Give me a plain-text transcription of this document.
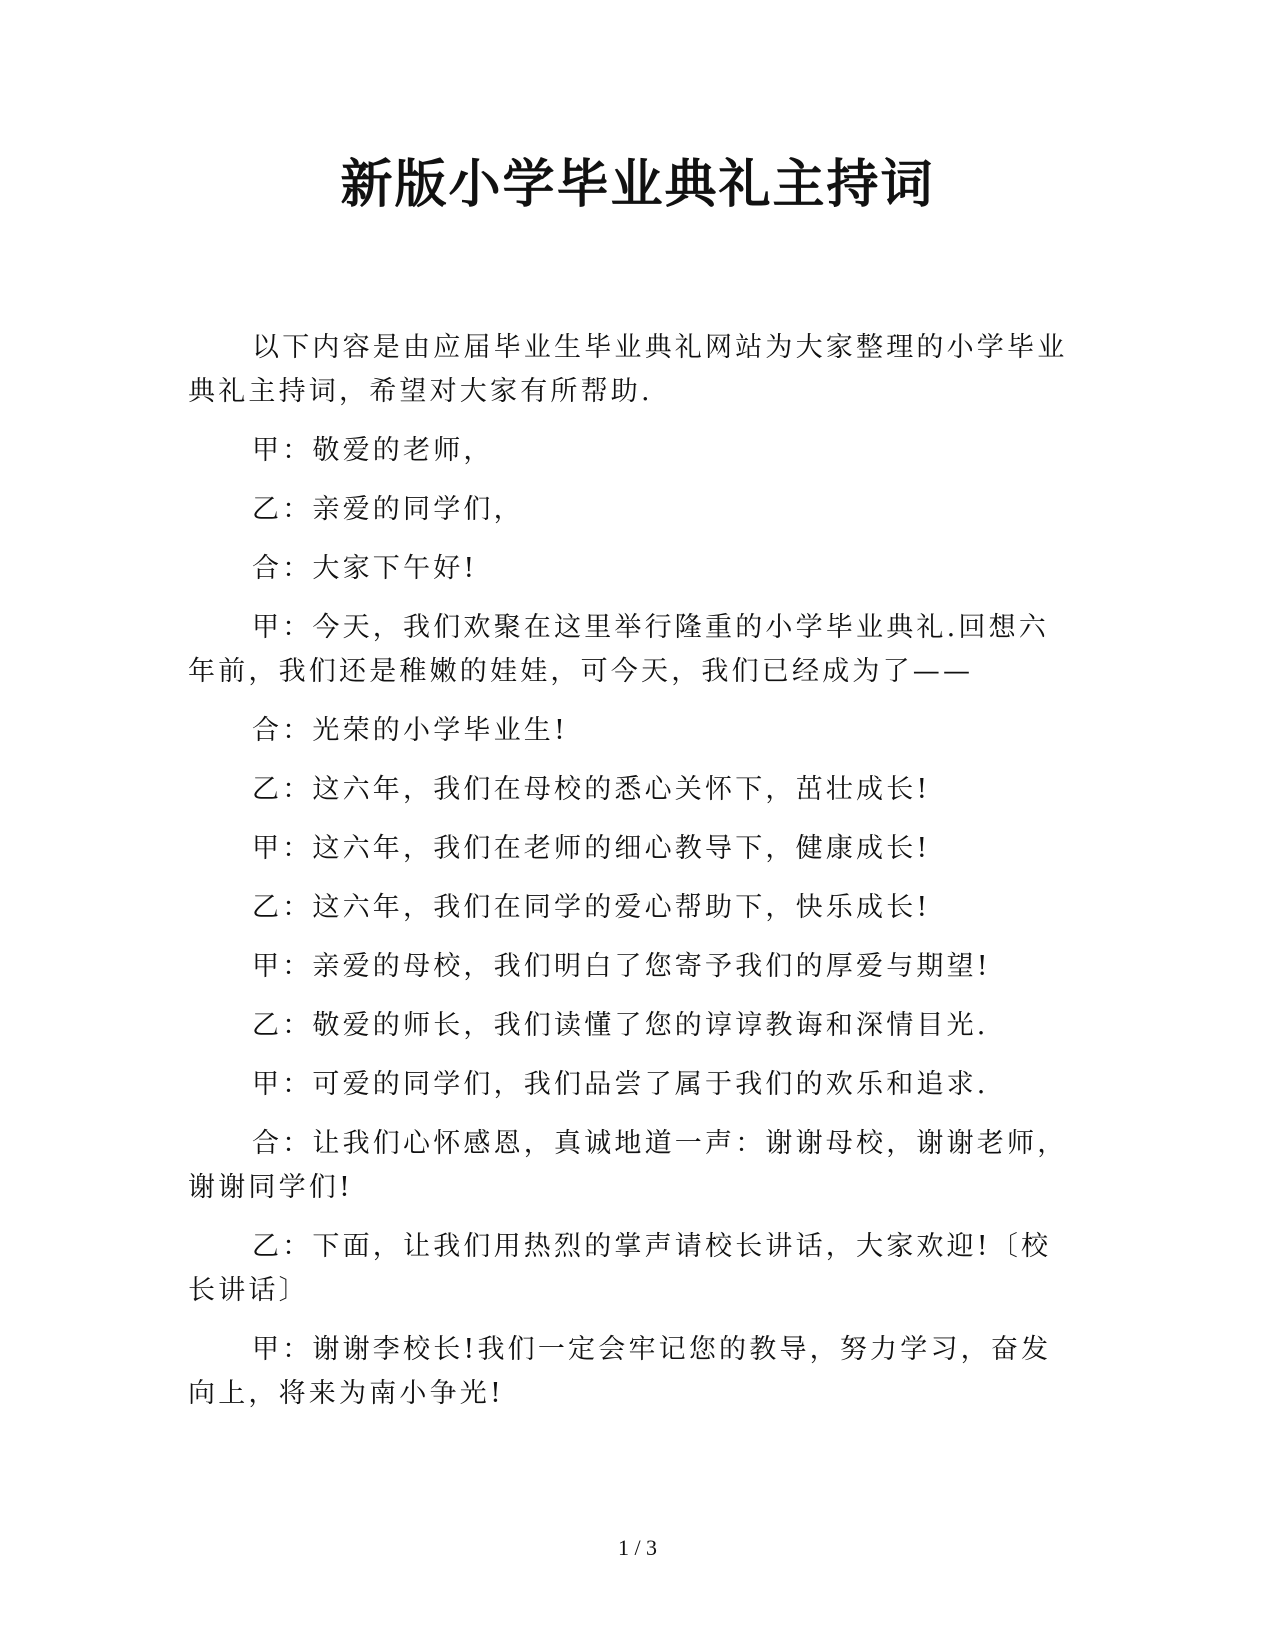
新版小学毕业典礼主持词

以下内容是由应届毕业生毕业典礼网站为大家整理的小学毕业典礼主持词，希望对大家有所帮助.

甲：敬爱的老师，

乙：亲爱的同学们，

合：大家下午好!

甲：今天，我们欢聚在这里举行隆重的小学毕业典礼.回想六年前，我们还是稚嫩的娃娃，可今天，我们已经成为了——

合：光荣的小学毕业生!

乙：这六年，我们在母校的悉心关怀下，茁壮成长!

甲：这六年，我们在老师的细心教导下，健康成长!

乙：这六年，我们在同学的爱心帮助下，快乐成长!

甲：亲爱的母校，我们明白了您寄予我们的厚爱与期望!

乙：敬爱的师长，我们读懂了您的谆谆教诲和深情目光.

甲：可爱的同学们，我们品尝了属于我们的欢乐和追求.

合：让我们心怀感恩，真诚地道一声：谢谢母校，谢谢老师，谢谢同学们!

乙：下面，让我们用热烈的掌声请校长讲话，大家欢迎!〔校长讲话〕

甲：谢谢李校长!我们一定会牢记您的教导，努力学习，奋发向上，将来为南小争光!

1 / 3
